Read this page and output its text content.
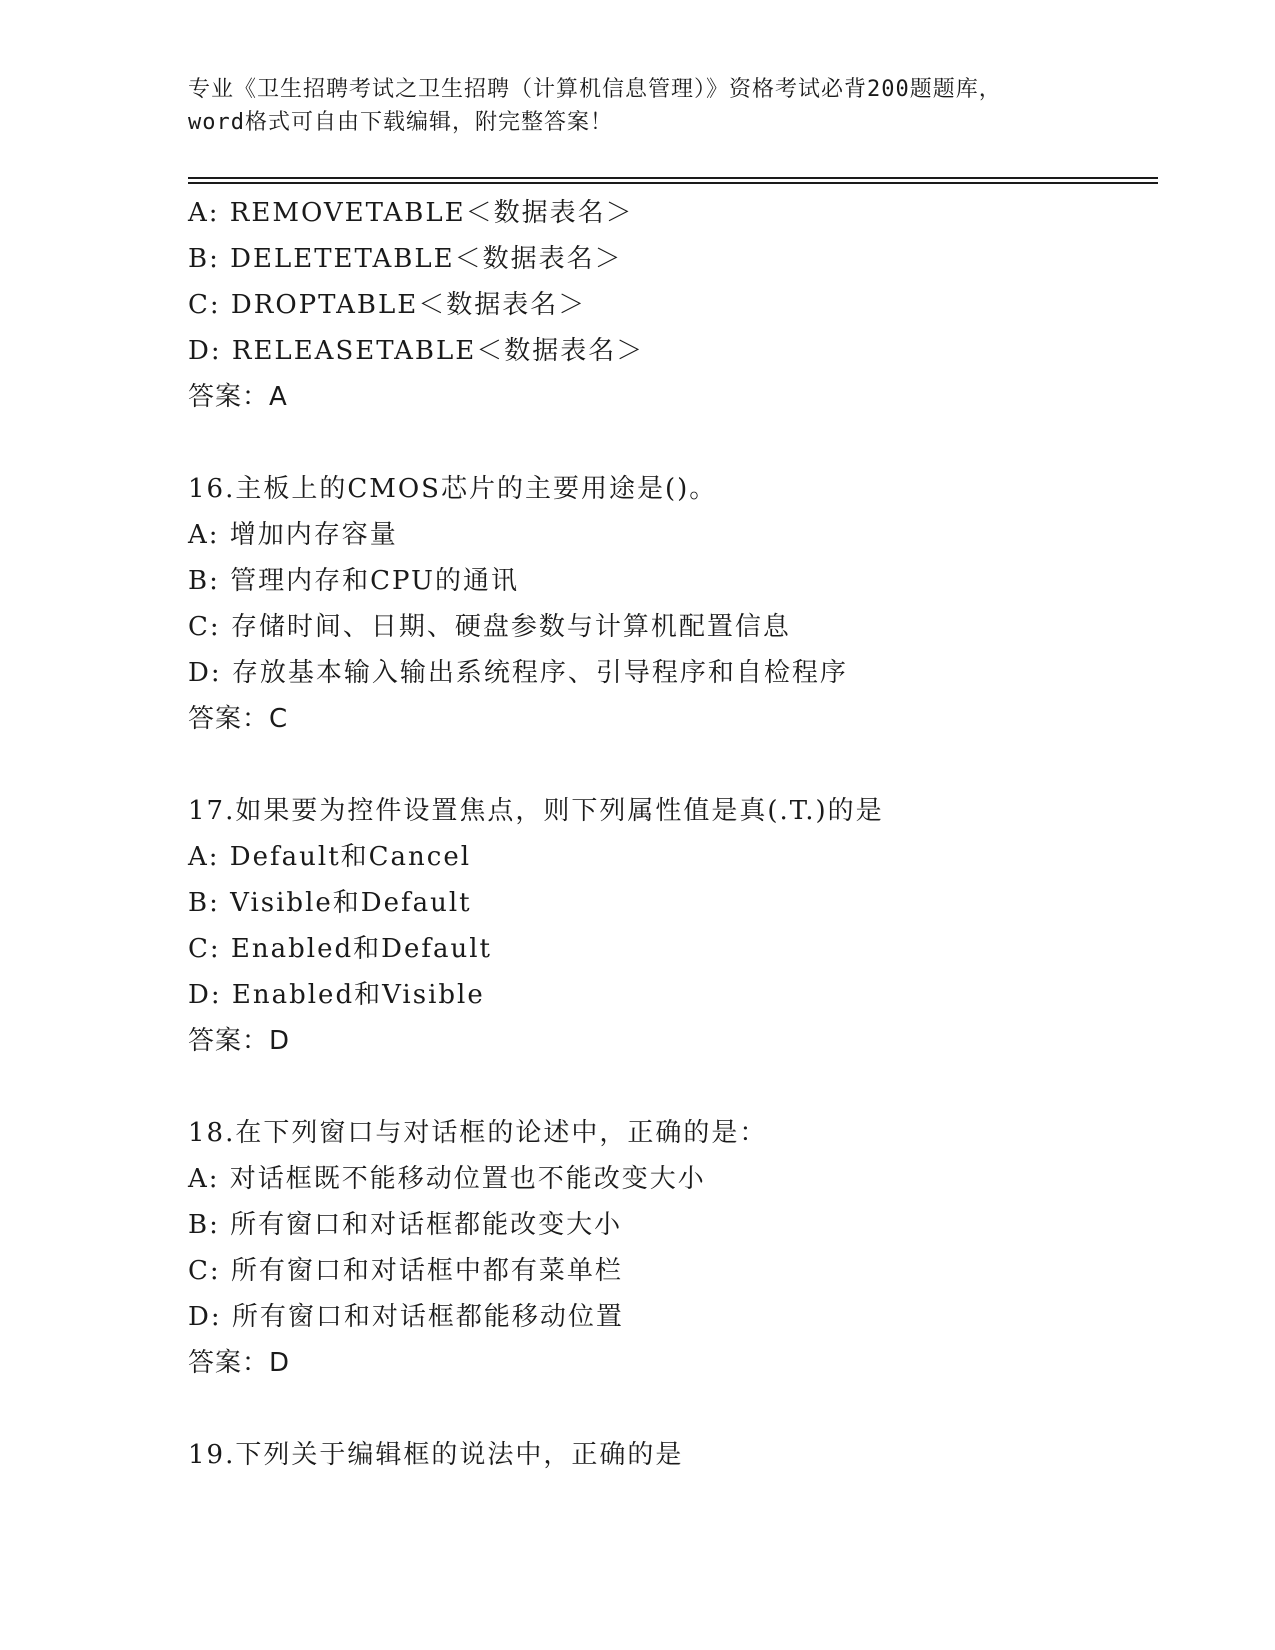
专业《卫生招聘考试之卫生招聘（计算机信息管理）》资格考试必背200题题库，
word格式可自由下载编辑，附完整答案！
A: REMOVETABLE＜数据表名＞
B: DELETETABLE＜数据表名＞
C: DROPTABLE＜数据表名＞
D: RELEASETABLE＜数据表名＞
答案：A
16.主板上的CMOS芯片的主要用途是()。
A: 增加内存容量
B: 管理内存和CPU的通讯
C: 存储时间、日期、硬盘参数与计算机配置信息
D: 存放基本输入输出系统程序、引导程序和自检程序
答案：C
17.如果要为控件设置焦点，则下列属性值是真(.T.)的是
A: Default和Cancel
B: Visible和Default
C: Enabled和Default
D: Enabled和Visible
答案：D
18.在下列窗口与对话框的论述中，正确的是：
A: 对话框既不能移动位置也不能改变大小
B: 所有窗口和对话框都能改变大小
C: 所有窗口和对话框中都有菜单栏
D: 所有窗口和对话框都能移动位置
答案：D
19.下列关于编辑框的说法中，正确的是
